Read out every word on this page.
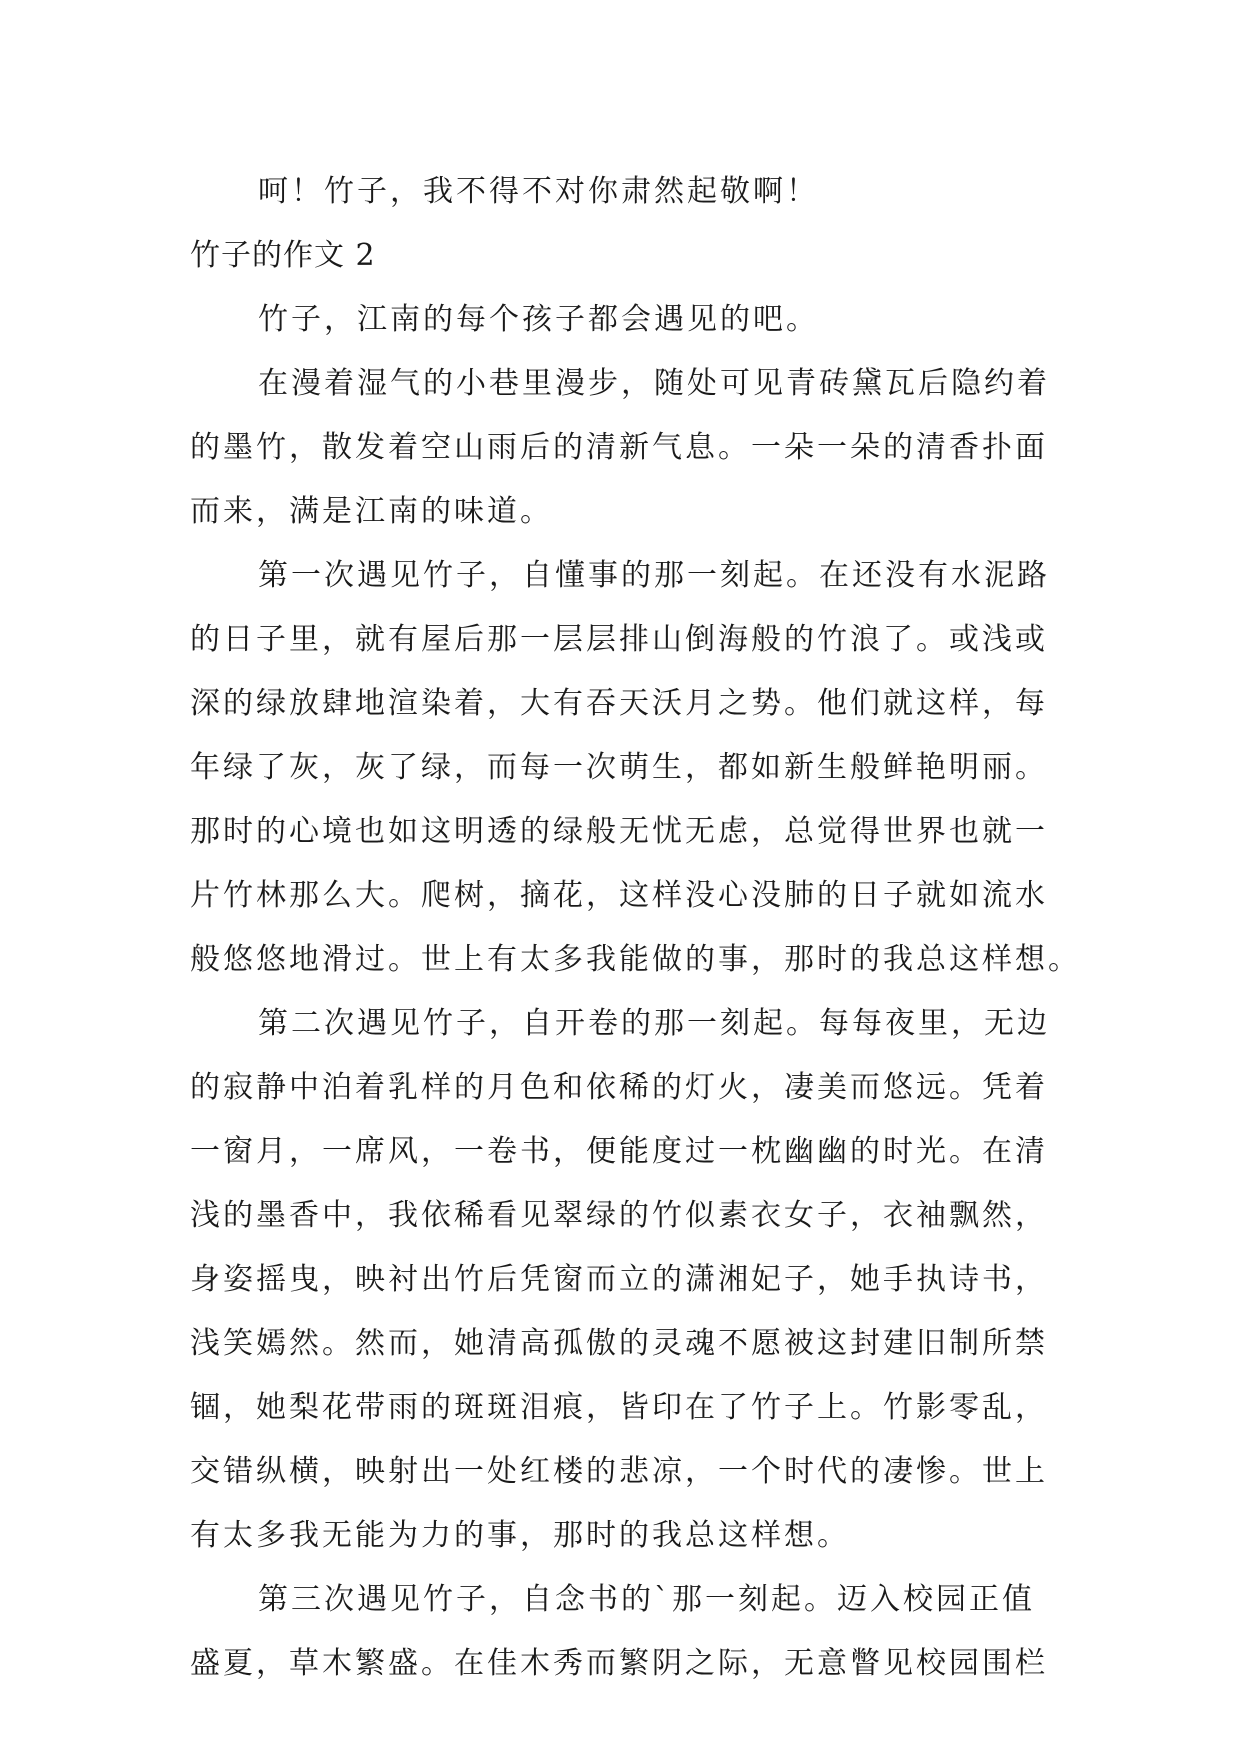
呵！竹子，我不得不对你肃然起敬啊！
竹子的作文 2
竹子，江南的每个孩子都会遇见的吧。
在漫着湿气的小巷里漫步，随处可见青砖黛瓦后隐约着
的墨竹，散发着空山雨后的清新气息。一朵一朵的清香扑面
而来，满是江南的味道。
第一次遇见竹子，自懂事的那一刻起。在还没有水泥路
的日子里，就有屋后那一层层排山倒海般的竹浪了。或浅或
深的绿放肆地渲染着，大有吞天沃月之势。他们就这样，每
年绿了灰，灰了绿，而每一次萌生，都如新生般鲜艳明丽。
那时的心境也如这明透的绿般无忧无虑，总觉得世界也就一
片竹林那么大。爬树，摘花，这样没心没肺的日子就如流水
般悠悠地滑过。世上有太多我能做的事，那时的我总这样想。
第二次遇见竹子，自开卷的那一刻起。每每夜里，无边
的寂静中泊着乳样的月色和依稀的灯火，凄美而悠远。凭着
一窗月，一席风，一卷书，便能度过一枕幽幽的时光。在清
浅的墨香中，我依稀看见翠绿的竹似素衣女子，衣袖飘然，
身姿摇曳，映衬出竹后凭窗而立的潇湘妃子，她手执诗书，
浅笑嫣然。然而，她清高孤傲的灵魂不愿被这封建旧制所禁
锢，她梨花带雨的斑斑泪痕，皆印在了竹子上。竹影零乱，
交错纵横，映射出一处红楼的悲凉，一个时代的凄惨。世上
有太多我无能为力的事，那时的我总这样想。
第三次遇见竹子，自念书的`那一刻起。迈入校园正值
盛夏，草木繁盛。在佳木秀而繁阴之际，无意瞥见校园围栏
